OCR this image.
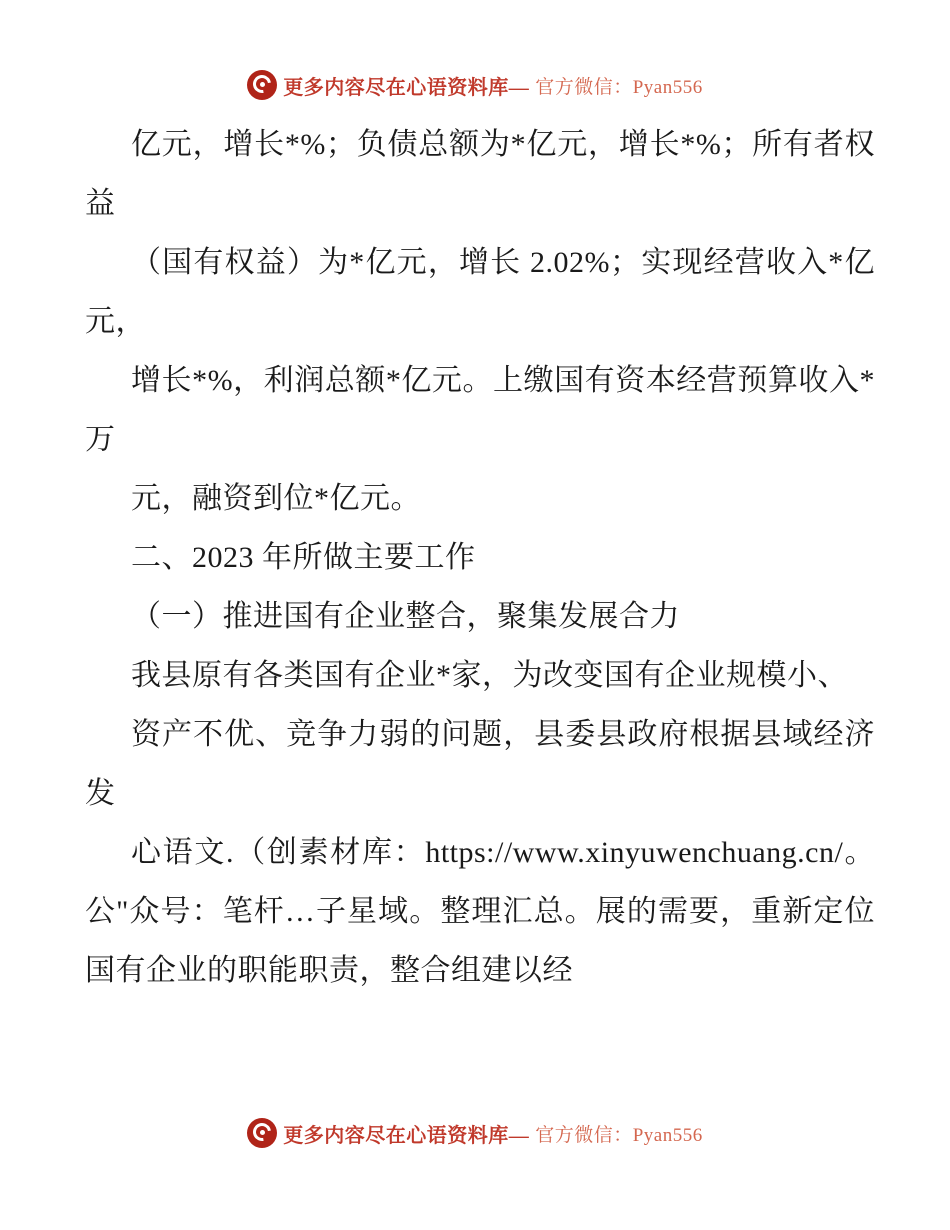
更多内容尽在心语资料库— 官方微信：Pyan556

亿元，增长*%；负债总额为*亿元，增长*%；所有者权益

（国有权益）为*亿元，增长 2.02%；实现经营收入*亿元，

增长*%，利润总额*亿元。上缴国有资本经营预算收入*万

元，融资到位*亿元。

二、2023 年所做主要工作

（一）推进国有企业整合，聚集发展合力

我县原有各类国有企业*家，为改变国有企业规模小、

资产不优、竞争力弱的问题，县委县政府根据县域经济发

心语文.（创素材库：https://www.xinyuwenchuang.cn/。公"众号：笔杆…子星域。整理汇总。展的需要，重新定位国有企业的职能职责，整合组建以经

更多内容尽在心语资料库— 官方微信：Pyan556
